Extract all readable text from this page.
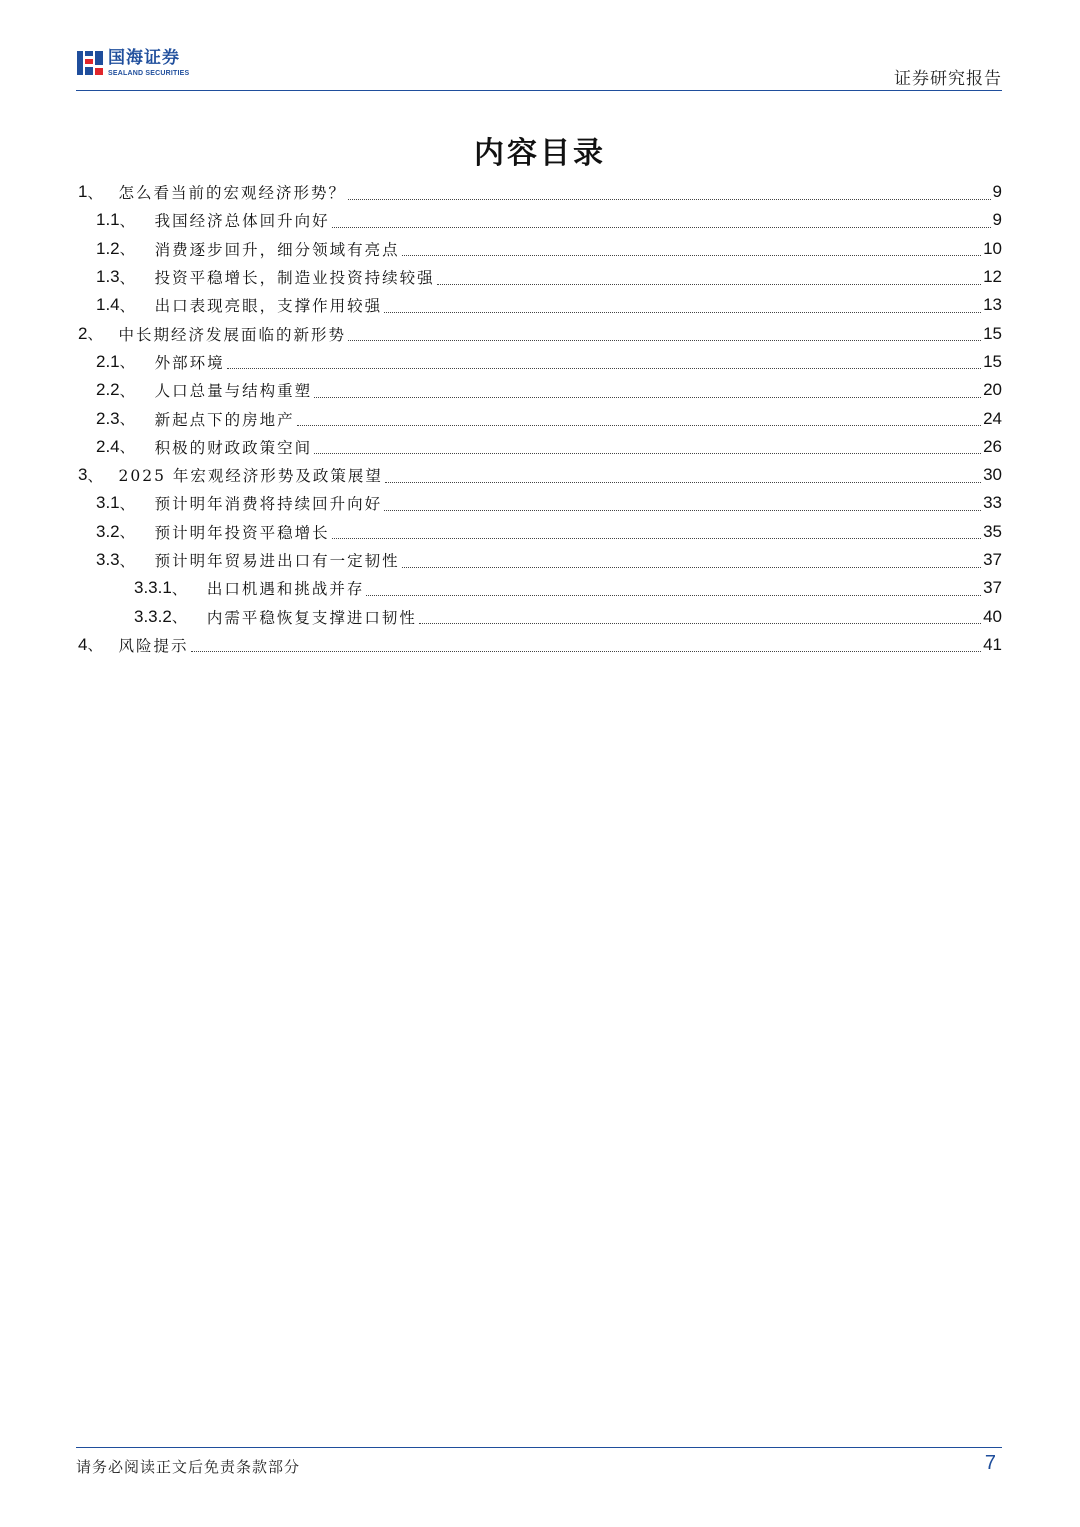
国海证券
SEALAND SECURITIES	证券研究报告
内容目录
1 、 怎么看当前的宏观经济形势？	9
1.1 、 我国经济总体回升向好	9
1.2 、 消费逐步回升，细分领域有亮点	10
1.3 、 投资平稳增长，制造业投资持续较强	12
1.4 、 出口表现亮眼，支撑作用较强	13
2 、 中长期经济发展面临的新形势	15
2.1 、 外部环境	15
2.2 、 人口总量与结构重塑	20
2.3 、 新起点下的房地产	24
2.4 、 积极的财政政策空间	26
3 、 2025 年宏观经济形势及政策展望	30
3.1 、 预计明年消费将持续回升向好	33
3.2 、 预计明年投资平稳增长	35
3.3 、 预计明年贸易进出口有一定韧性	37
3.3.1 、 出口机遇和挑战并存	37
3.3.2 、 内需平稳恢复支撑进口韧性	40
4 、 风险提示	41
请务必阅读正文后免责条款部分	7
